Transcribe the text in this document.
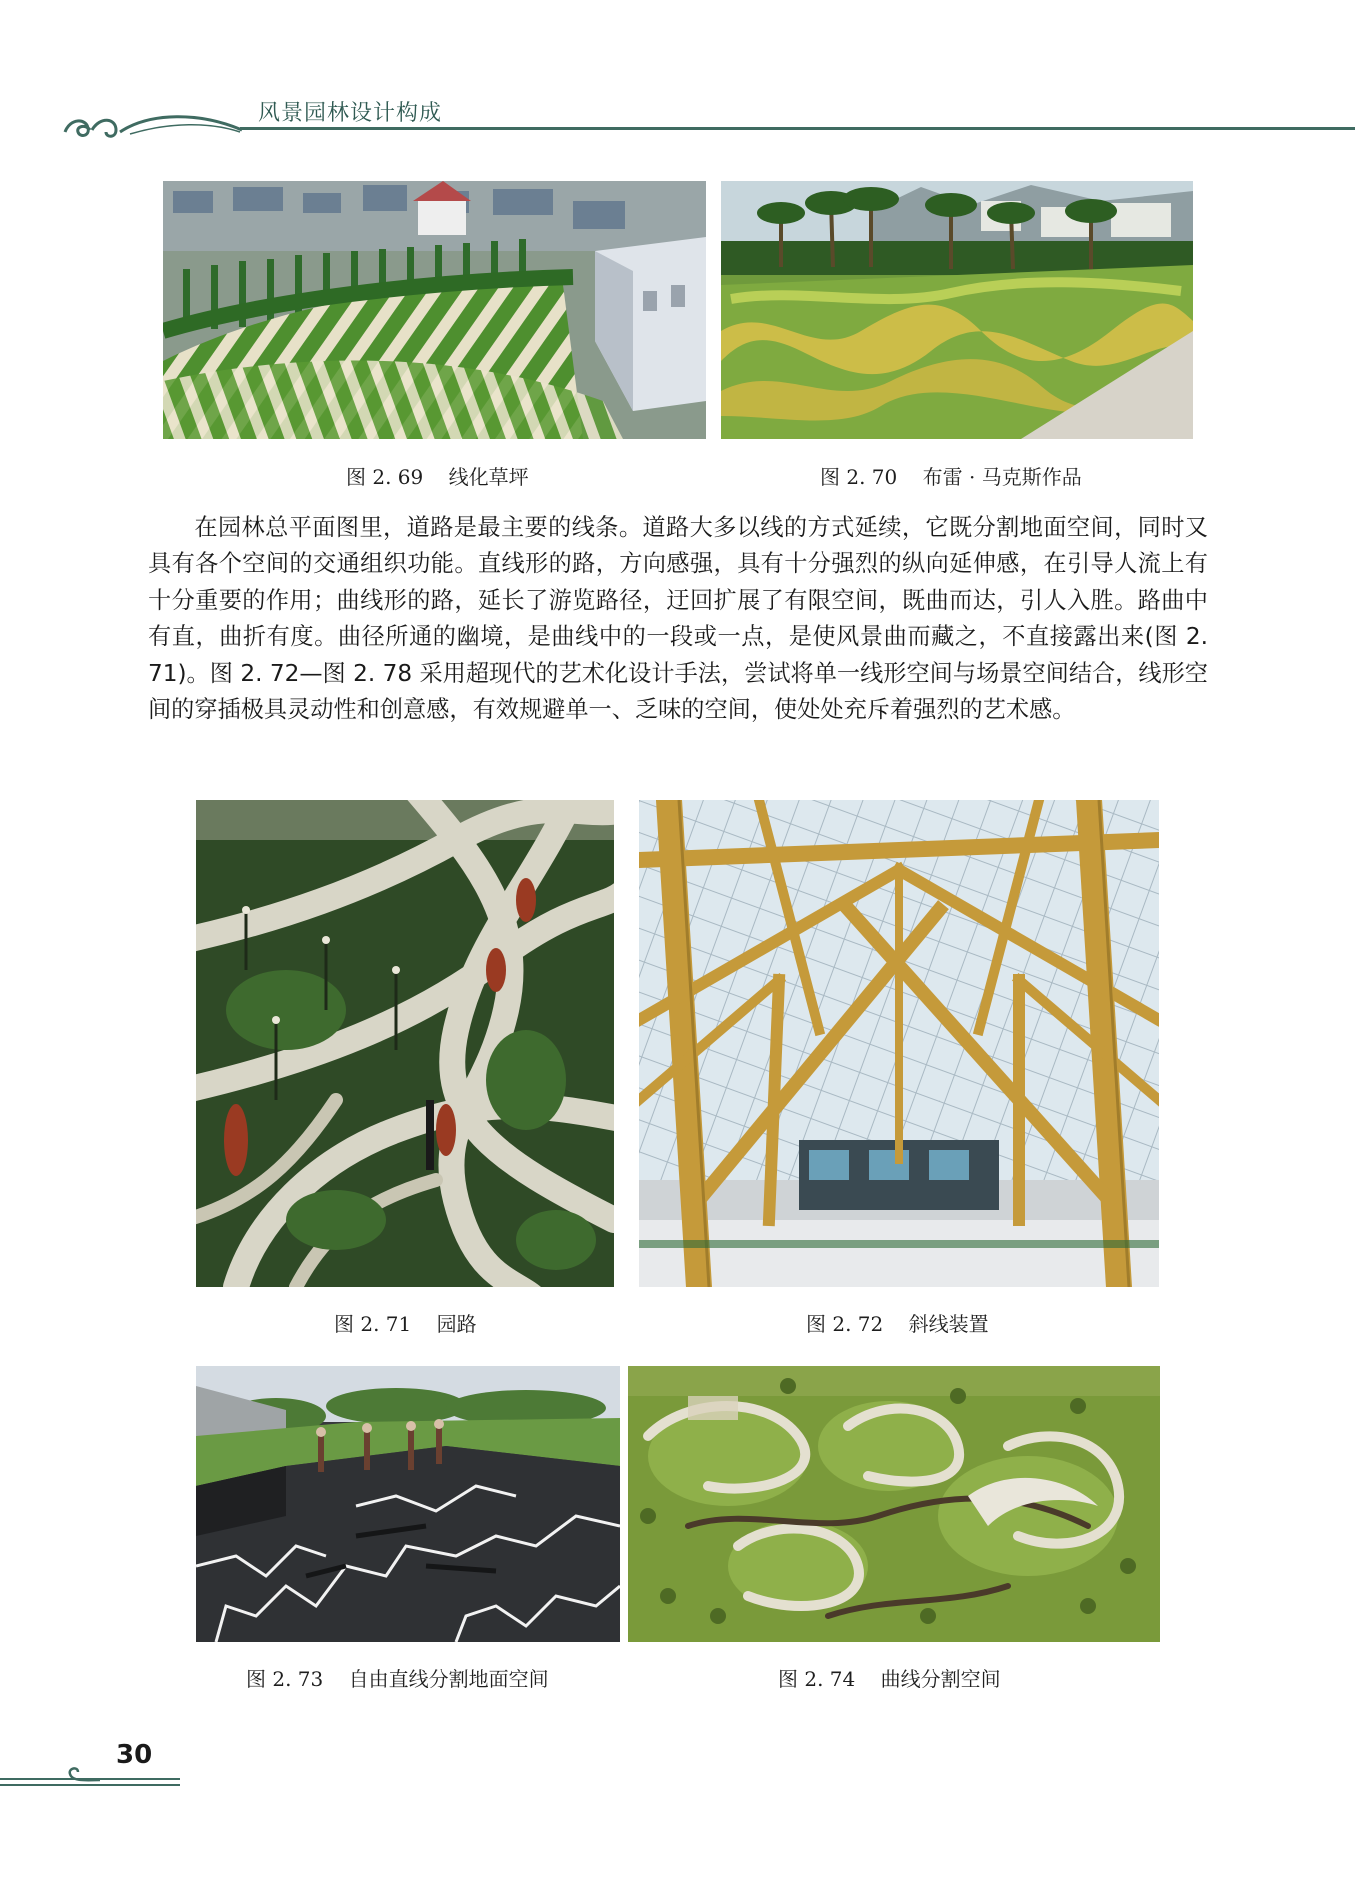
风景园林设计构成
图 2. 69    线化草坪	图 2. 70    布雷 · 马克斯作品
在园林总平面图里，道路是最主要的线条。道路大多以线的方式延续，它既分割地面空间，同时又具有各个空间的交通组织功能。直线形的路，方向感强，具有十分强烈的纵向延伸感，在引导人流上有十分重要的作用；曲线形的路，延长了游览路径，迂回扩展了有限空间，既曲而达，引人入胜。路曲中有直，曲折有度。曲径所通的幽境，是曲线中的一段或一点，是使风景曲而藏之，不直接露出来(图 2. 71)。图 2. 72—图 2. 78 采用超现代的艺术化设计手法，尝试将单一线形空间与场景空间结合，线形空间的穿插极具灵动性和创意感，有效规避单一、乏味的空间，使处处充斥着强烈的艺术感。
图 2. 71    园路	图 2. 72    斜线装置
图 2. 73    自由直线分割地面空间	图 2. 74    曲线分割空间
30
